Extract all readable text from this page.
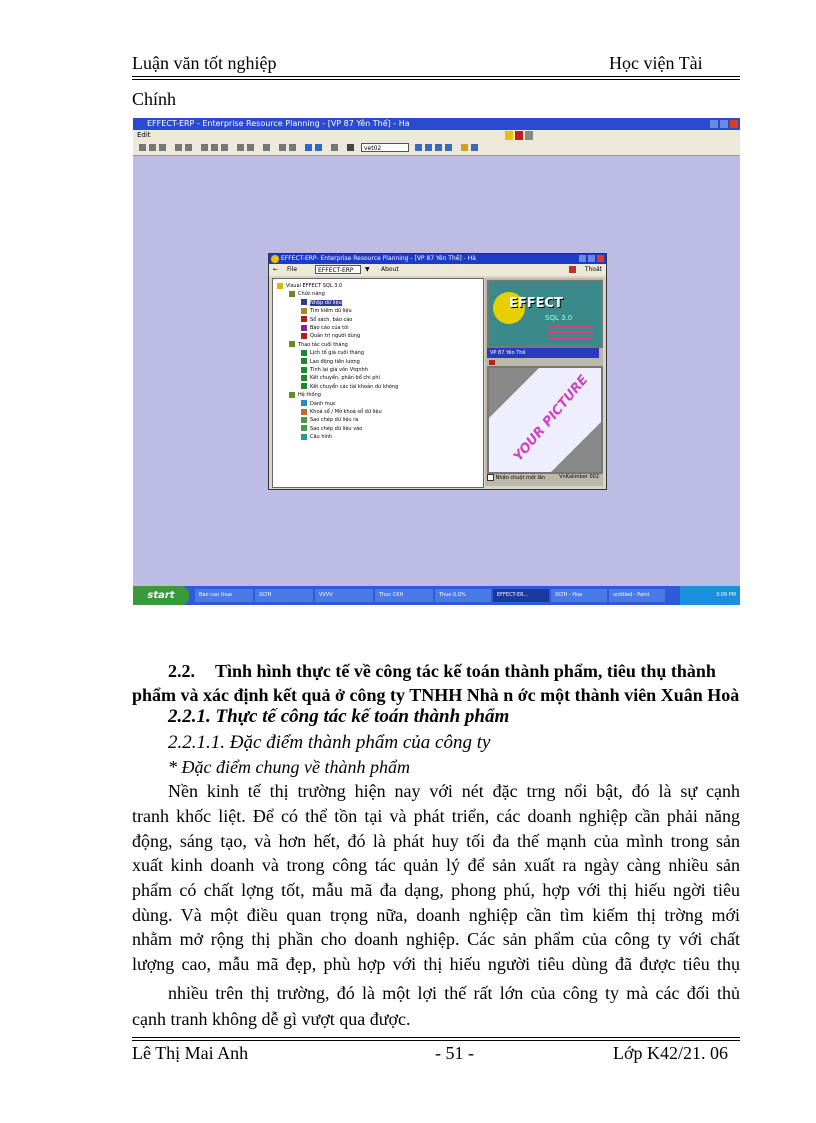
Luận văn tốt nghiệp	Học viện Tài
Chính
EFFECT-ERP - Enterprise Resource Planning - [VP 87 Yên Thế] - Ha
Edit
vet02
EFFECT-ERP- Enterprise Resource Planning - [VP 87 Yên Thế] - Hà
← File	EFFECT-ERP	▼ About	Thoát
Visual EFFECT SQL 3.0
Chức năng
Nhập dữ liệu
Tìm kiếm dữ liệu
Sổ sách, báo cáo
Báo cáo của tôi
Quản trị người dùng
Thao tác cuối tháng
Lịch tổ giá cuối tháng
Lao động tiền lương
Tính lại giá vốn Vtqnhh
Kết chuyển, phân bổ chi phí
Kết chuyển các tài khoản dư không
Hệ thống
Danh mục
Khoá sổ / Mở khoá sổ dữ liệu
Sao chép dữ liệu ra
Sao chép dữ liệu vào
Cấu hình
EFFECT
SQL 3.0
VP 87 Yên Thế
YOUR PICTURE
Nhấn chuột một lần	VnKalimber 002
start	Bao cao thue	XLTH	VVVV	Thuc CKH	Thue 0.0%	EFFECT-ER...	XLTH - Hoa	untitled - Paint	3:09 PM
2.2. Tình hình thực tế về công tác kế toán thành phẩm, tiêu thụ thành
phẩm và xác định kết quả ở công ty TNHH Nhà n ớc một thành viên Xuân Hoà
2.2.1. Thực tế công tác kế toán thành phẩm
2.2.1.1. Đặc điểm thành phẩm của công ty
* Đặc điểm chung về thành phẩm
Nền kinh tế thị trường hiện nay với nét đặc trng nổi bật, đó là sự cạnh
tranh khốc liệt. Để có thể tồn tại và phát triển, các doanh nghiệp cần phải năng
động, sáng tạo, và hơn hết, đó là phát huy tối đa thế mạnh của mình trong sản
xuất kinh doanh và trong công tác quản lý để sản xuất ra ngày càng nhiều sản
phẩm có chất lợng tốt, mẫu mã đa dạng, phong phú, hợp với thị hiếu ngời tiêu
dùng. Và một điều quan trọng nữa, doanh nghiệp cần tìm kiếm thị trờng mới
nhằm mở rộng thị phần cho doanh nghiệp. Các sản phẩm của công ty với chất
lượng cao, mẫu mã đẹp, phù hợp với thị hiếu người tiêu dùng đã được tiêu thụ
nhiều trên thị trường, đó là một lợi thế rất lớn của công ty mà các đối thủ
cạnh tranh không dễ gì vượt qua được.
Lê Thị Mai Anh	- 51 -	Lớp K42/21. 06
